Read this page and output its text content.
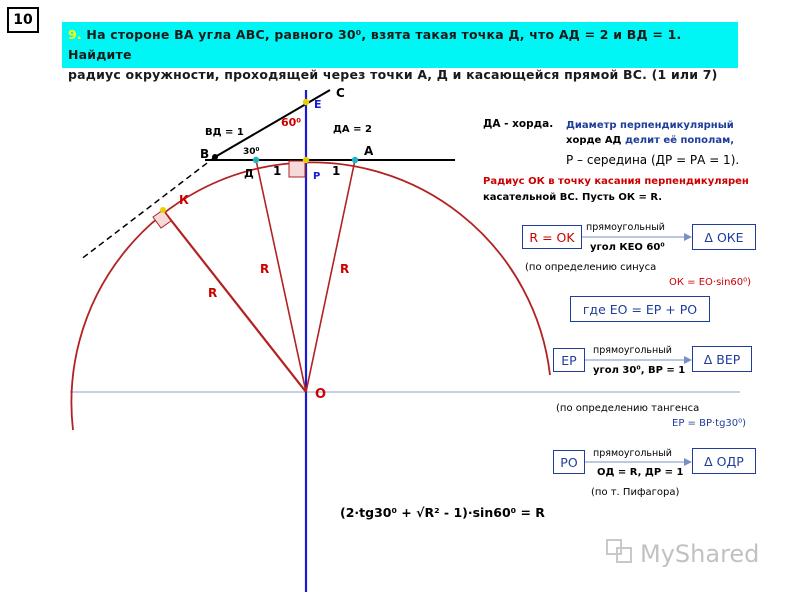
10
9. На стороне ВА угла АВС, равного 30⁰, взята такая точка Д, что АД = 2 и ВД = 1. Найдите
радиус окружности, проходящей через точки А, Д и касающейся прямой ВС. (1 или 7)
В
С
Е
А
Д	Р
К
О
ВД = 1	ДА = 2
30⁰
60⁰
1	1
R	R
R
MyShared
ДА - хорда. Диаметр перпендикулярный
хорде АД делит её пополам,
Р – середина (ДР = РА = 1).
Радиус ОК в точку касания перпендикулярен
касательной ВС. Пусть ОК = R.
R = OK
прямоугольный
угол КЕО 60⁰
Δ ОКЕ
(по определению синуса
ОК = ЕО·sin60⁰)
где ЕО = ЕР + РО
ЕР
прямоугольный
угол 30⁰, ВР = 1
Δ ВЕР
(по определению тангенса
ЕР = ВР·tg30⁰)
РО
прямоугольный
ОД = R, ДР = 1
Δ ОДР
(по т. Пифагора)
(2·tg30⁰ + √R² - 1)·sin60⁰ = R
